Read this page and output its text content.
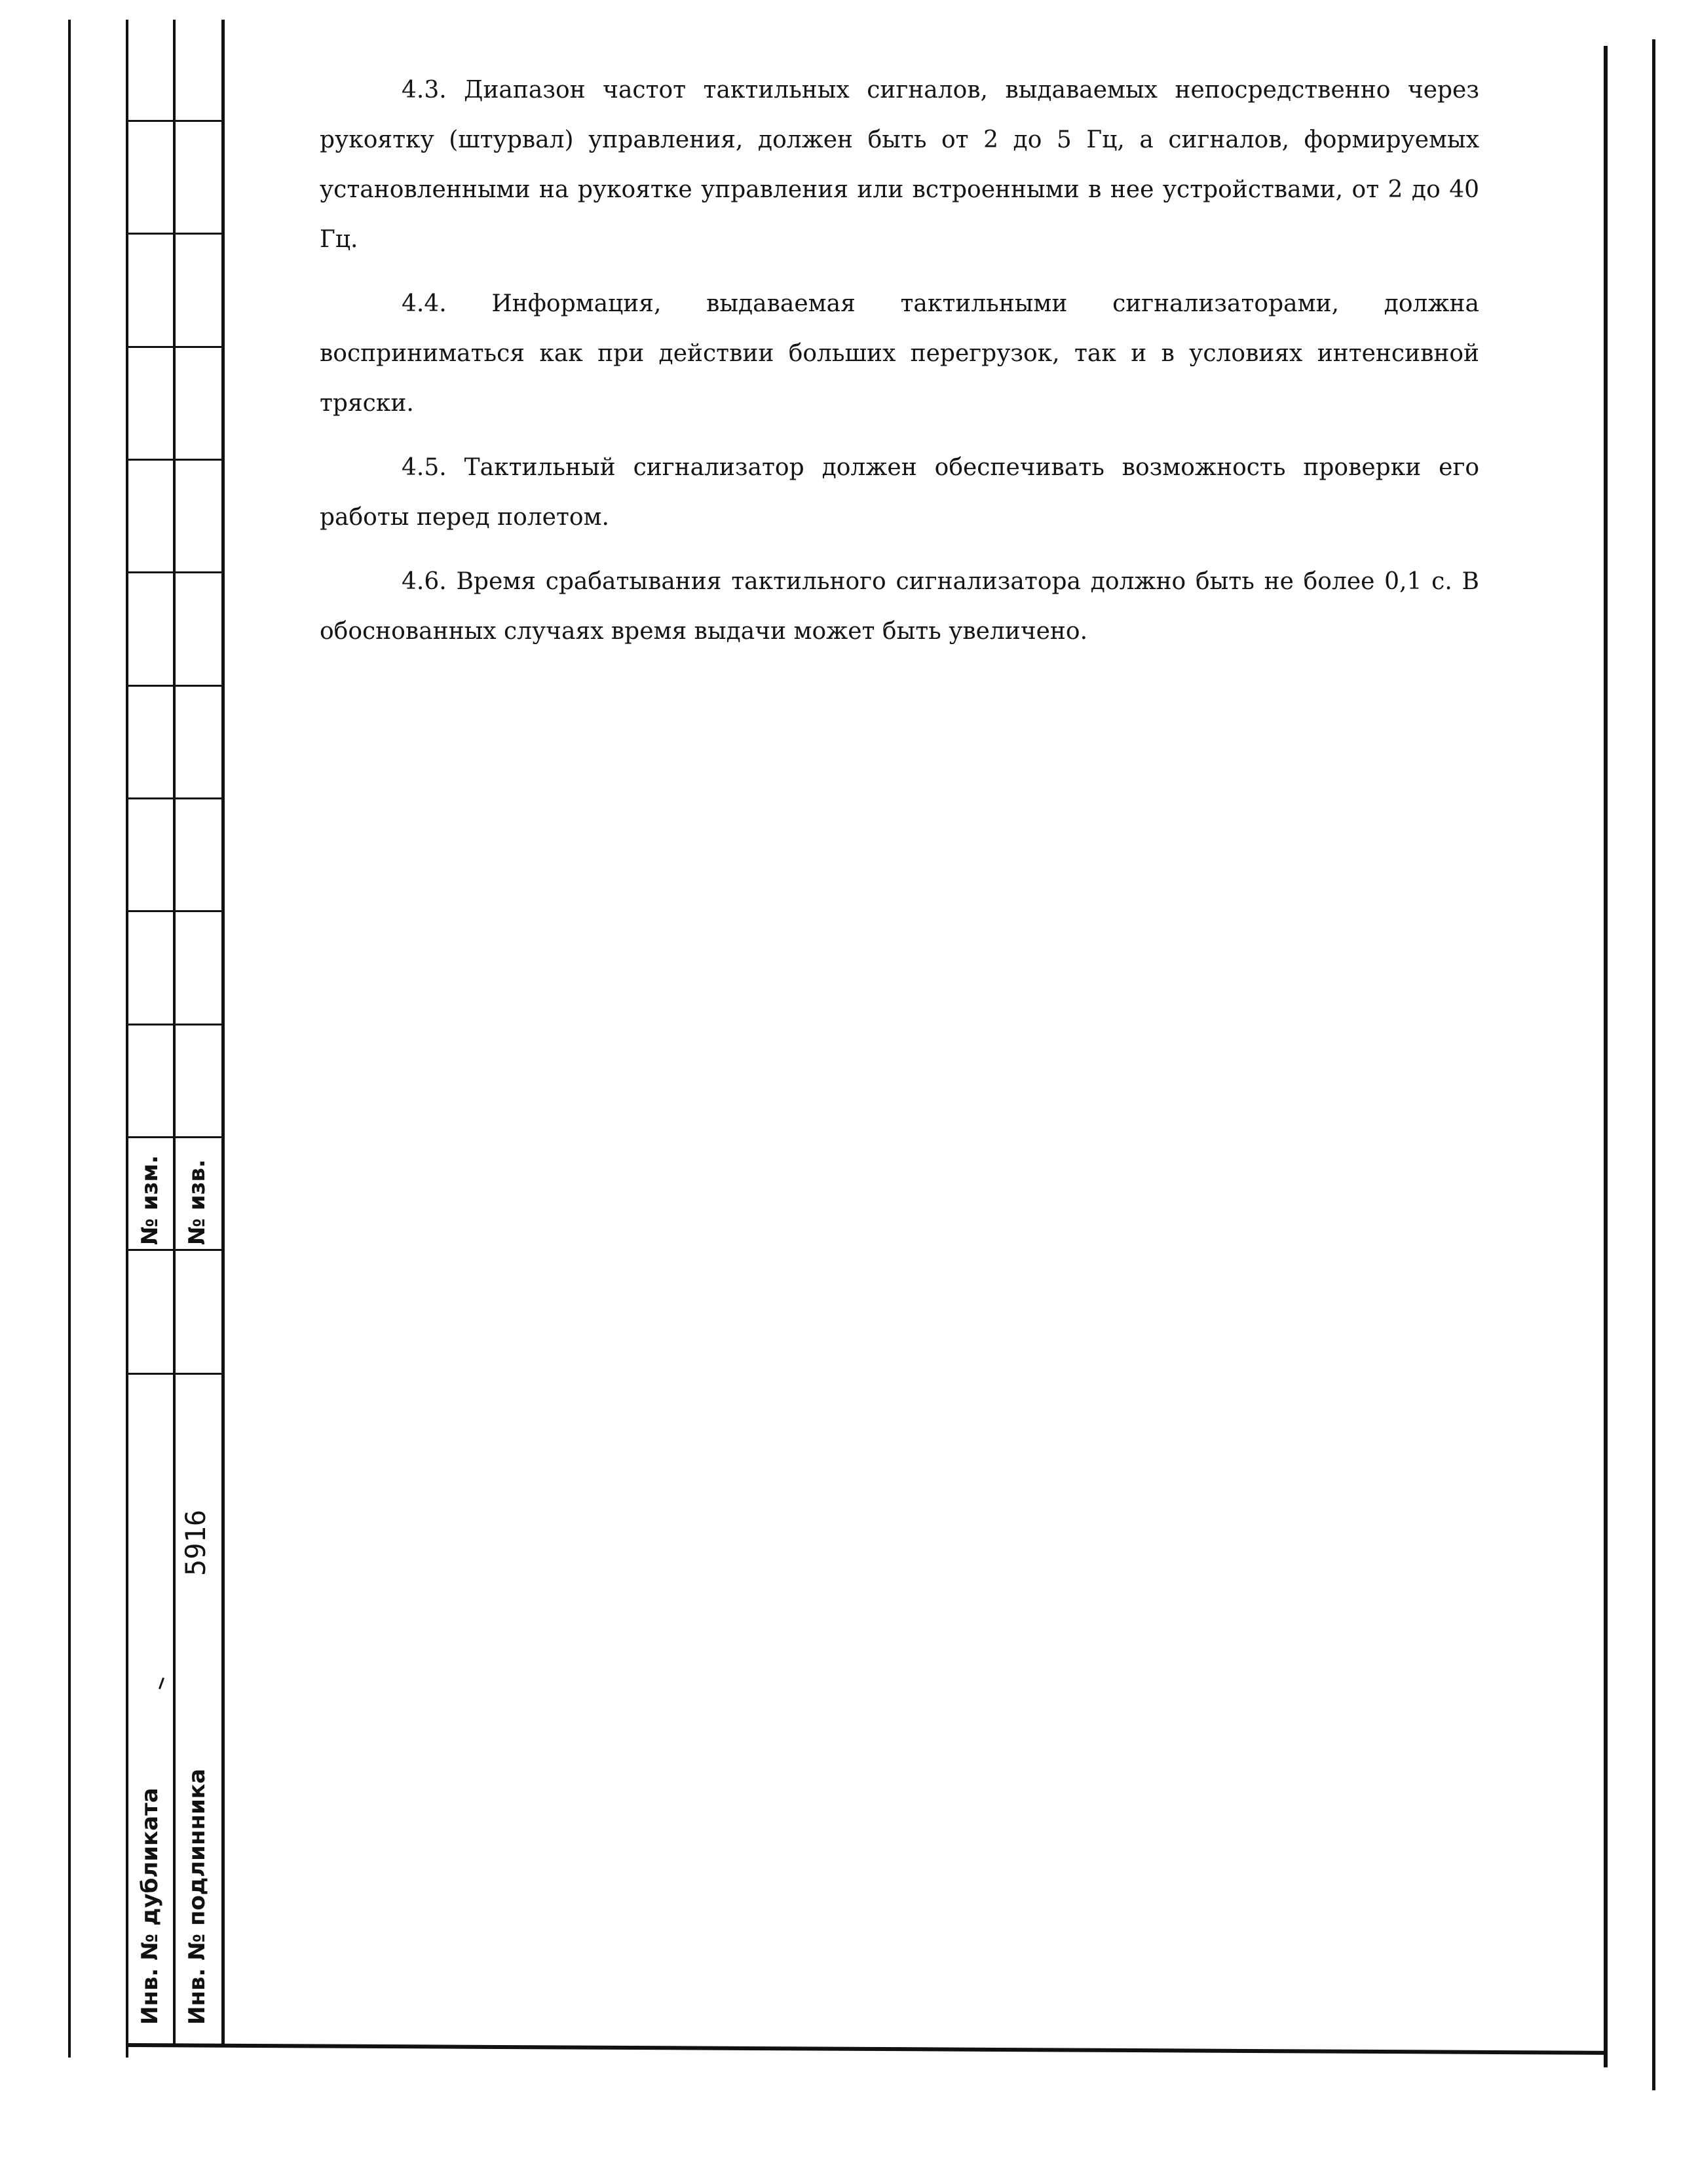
№ изм. № изв.
Инв. № дубликата Инв. № подлинника
5916

4.3. Диапазон частот тактильных сигналов, выдаваемых непосредственно через рукоятку (штурвал) управления, должен быть от 2 до 5 Гц, а сигналов, формируемых установленными на рукоятке управления или встроенными в нее устройствами, от 2 до 40 Гц.

4.4. Информация, выдаваемая тактильными сигнализаторами, должна восприниматься как при действии больших перегрузок, так и в условиях интенсивной тряски.

4.5. Тактильный сигнализатор должен обеспечивать возможность проверки его работы перед полетом.

4.6. Время срабатывания тактильного сигнализатора должно быть не более 0,1 с. В обоснованных случаях время выдачи может быть увеличено.
